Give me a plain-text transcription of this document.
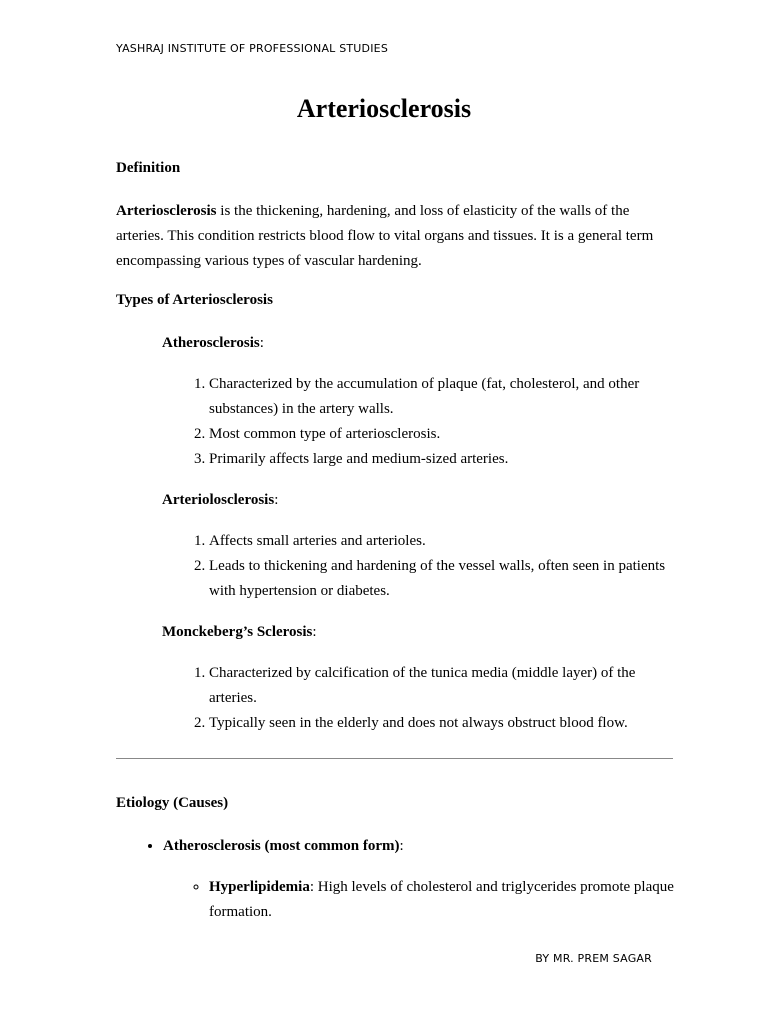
YASHRAJ INSTITUTE OF PROFESSIONAL STUDIES
Arteriosclerosis
Definition

Arteriosclerosis is the thickening, hardening, and loss of elasticity of the walls of the arteries. This condition restricts blood flow to vital organs and tissues. It is a general term encompassing various types of vascular hardening.

Types of Arteriosclerosis

Atherosclerosis:

1. Characterized by the accumulation of plaque (fat, cholesterol, and other substances) in the artery walls.
2. Most common type of arteriosclerosis.
3. Primarily affects large and medium-sized arteries.

Arteriolosclerosis:

1. Affects small arteries and arterioles.
2. Leads to thickening and hardening of the vessel walls, often seen in patients with hypertension or diabetes.

Monckeberg’s Sclerosis:

1. Characterized by calcification of the tunica media (middle layer) of the arteries.
2. Typically seen in the elderly and does not always obstruct blood flow.
Etiology (Causes)
• Atherosclerosis (most common form):
◦ Hyperlipidemia: High levels of cholesterol and triglycerides promote plaque formation.
BY MR. PREM SAGAR
